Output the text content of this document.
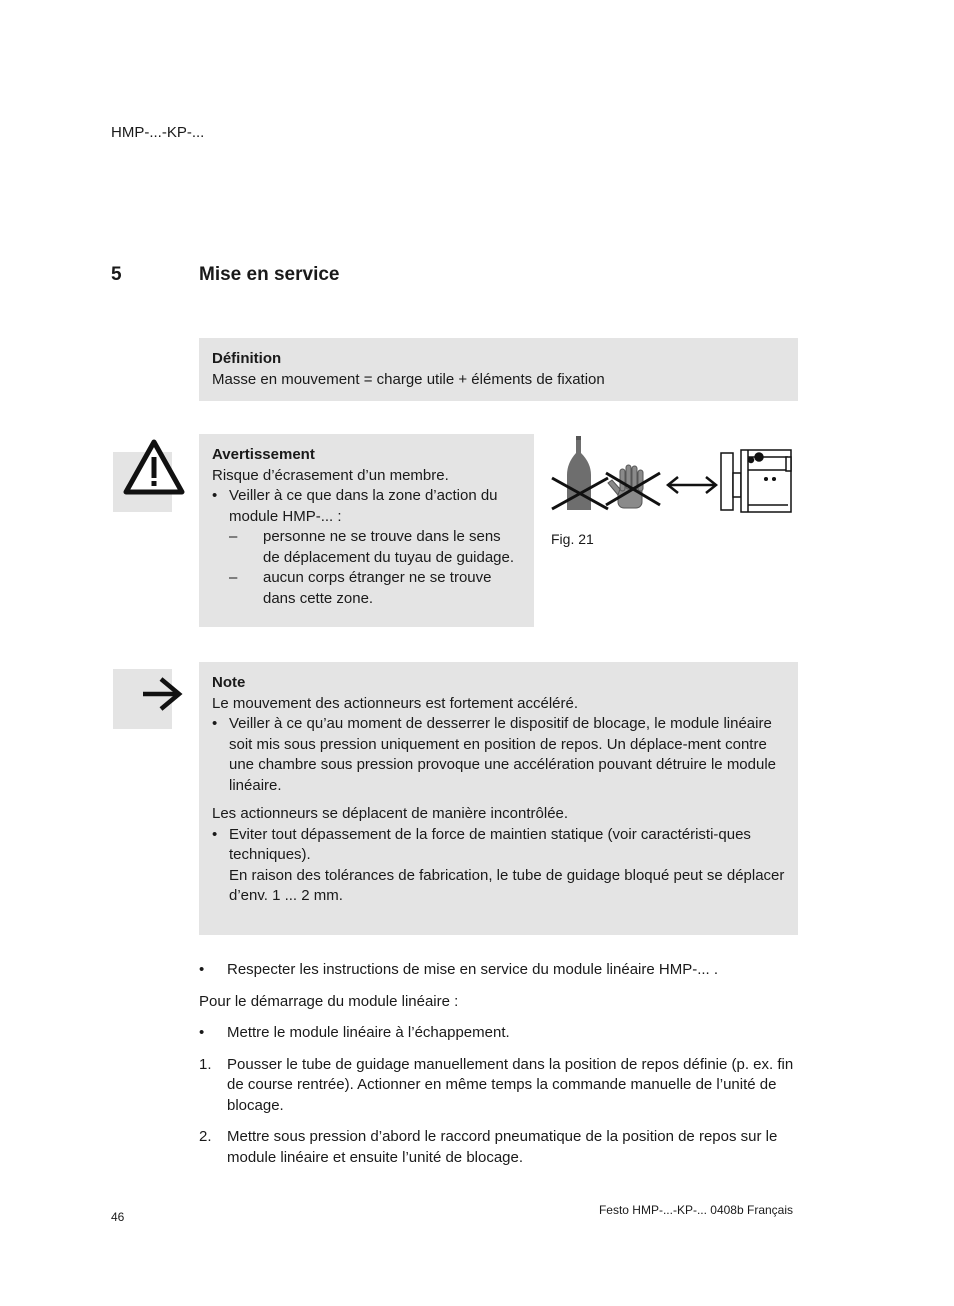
HMP-...-KP-...
5	Mise en service
Définition
Masse en mouvement = charge utile + éléments de fixation
Avertissement
Risque d’écrasement d’un membre.
• Veiller à ce que dans la zone d’action du module HMP-... :
–	personne ne se trouve dans le sens de déplacement du tuyau de guidage.
–	aucun corps étranger ne se trouve dans cette zone.
Fig. 21
Note
Le mouvement des actionneurs est fortement accéléré.
• Veiller à ce qu’au moment de desserrer le dispositif de blocage, le module linéaire soit mis sous pression uniquement en position de repos. Un déplace-ment contre une chambre sous pression provoque une accélération pouvant détruire le module linéaire.
Les actionneurs se déplacent de manière incontrôlée.
• Eviter tout dépassement de la force de maintien statique (voir caractéristi-ques techniques).
En raison des tolérances de fabrication, le tube de guidage bloqué peut se déplacer d’env. 1 ... 2 mm.
• Respecter les instructions de mise en service du module linéaire HMP-... .
Pour le démarrage du module linéaire :
• Mettre le module linéaire à l’échappement.
1. Pousser le tube de guidage manuellement dans la position de repos définie (p. ex. fin de course rentrée). Actionner en même temps la commande manuelle de l’unité de blocage.
2. Mettre sous pression d’abord le raccord pneumatique de la position de repos sur le module linéaire et ensuite l’unité de blocage.
46	Festo HMP-...-KP-... 0408b Français
